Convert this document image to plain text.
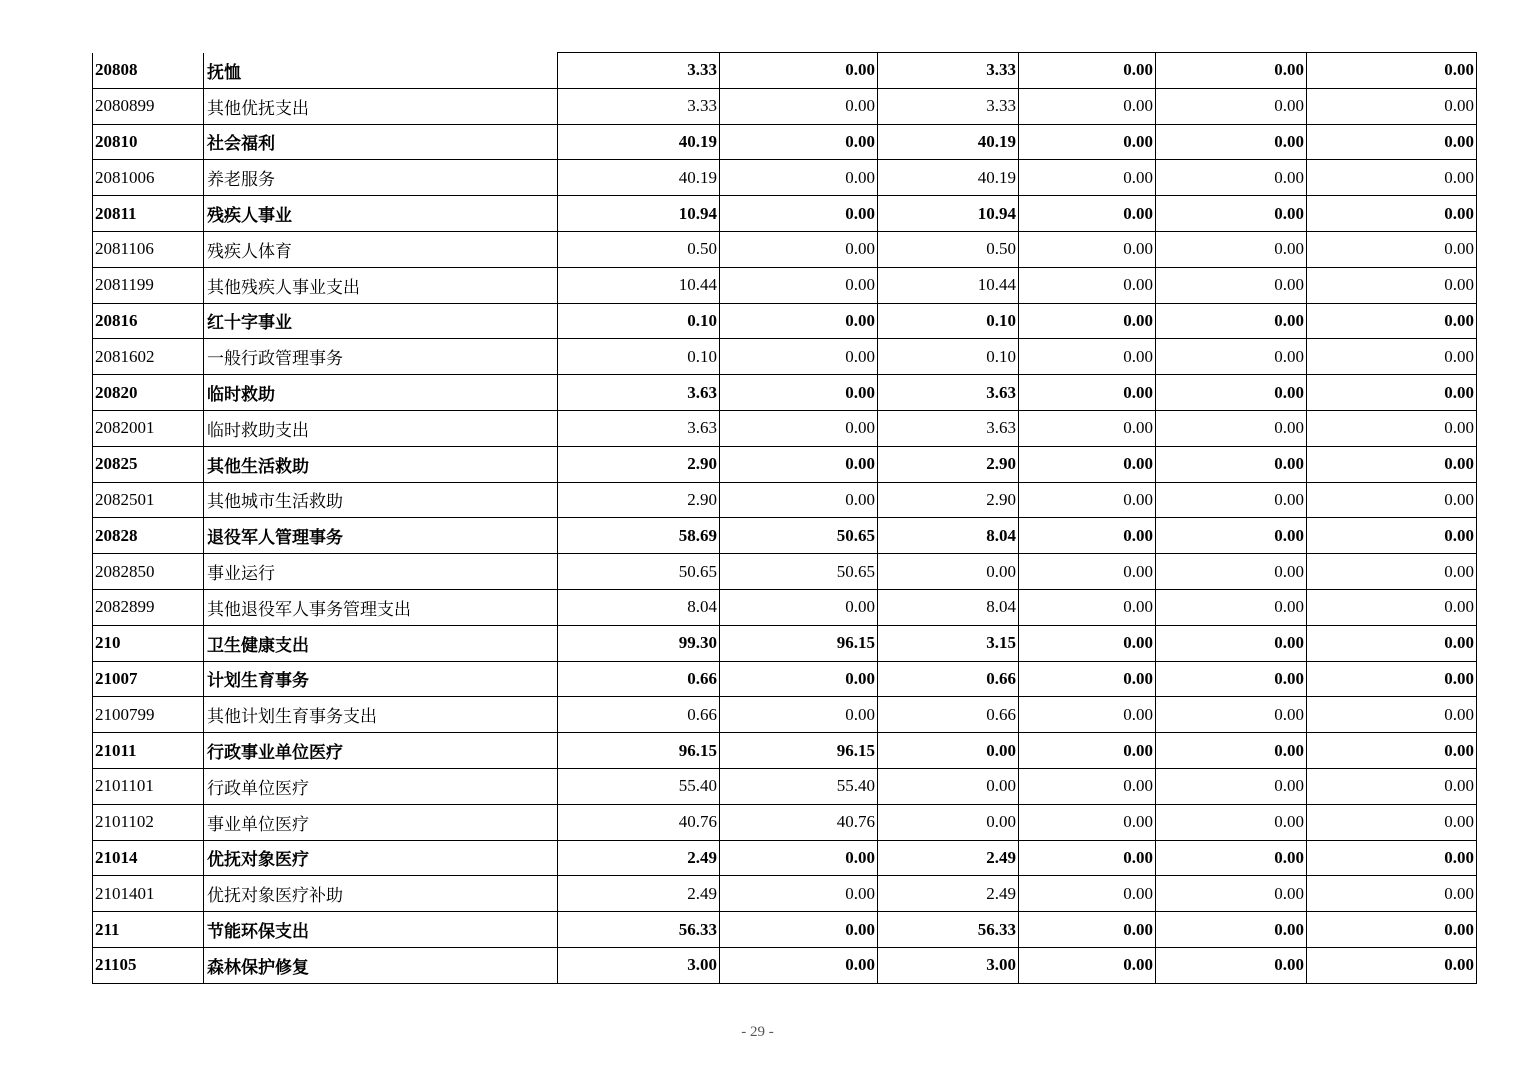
20808	抚恤	3.33	0.00	3.33	0.00	0.00	0.00
2080899	其他优抚支出	3.33	0.00	3.33	0.00	0.00	0.00
20810	社会福利	40.19	0.00	40.19	0.00	0.00	0.00
2081006	养老服务	40.19	0.00	40.19	0.00	0.00	0.00
20811	残疾人事业	10.94	0.00	10.94	0.00	0.00	0.00
2081106	残疾人体育	0.50	0.00	0.50	0.00	0.00	0.00
2081199	其他残疾人事业支出	10.44	0.00	10.44	0.00	0.00	0.00
20816	红十字事业	0.10	0.00	0.10	0.00	0.00	0.00
2081602	一般行政管理事务	0.10	0.00	0.10	0.00	0.00	0.00
20820	临时救助	3.63	0.00	3.63	0.00	0.00	0.00
2082001	临时救助支出	3.63	0.00	3.63	0.00	0.00	0.00
20825	其他生活救助	2.90	0.00	2.90	0.00	0.00	0.00
2082501	其他城市生活救助	2.90	0.00	2.90	0.00	0.00	0.00
20828	退役军人管理事务	58.69	50.65	8.04	0.00	0.00	0.00
2082850	事业运行	50.65	50.65	0.00	0.00	0.00	0.00
2082899	其他退役军人事务管理支出	8.04	0.00	8.04	0.00	0.00	0.00
210	卫生健康支出	99.30	96.15	3.15	0.00	0.00	0.00
21007	计划生育事务	0.66	0.00	0.66	0.00	0.00	0.00
2100799	其他计划生育事务支出	0.66	0.00	0.66	0.00	0.00	0.00
21011	行政事业单位医疗	96.15	96.15	0.00	0.00	0.00	0.00
2101101	行政单位医疗	55.40	55.40	0.00	0.00	0.00	0.00
2101102	事业单位医疗	40.76	40.76	0.00	0.00	0.00	0.00
21014	优抚对象医疗	2.49	0.00	2.49	0.00	0.00	0.00
2101401	优抚对象医疗补助	2.49	0.00	2.49	0.00	0.00	0.00
211	节能环保支出	56.33	0.00	56.33	0.00	0.00	0.00
21105	森林保护修复	3.00	0.00	3.00	0.00	0.00	0.00
- 29 -
